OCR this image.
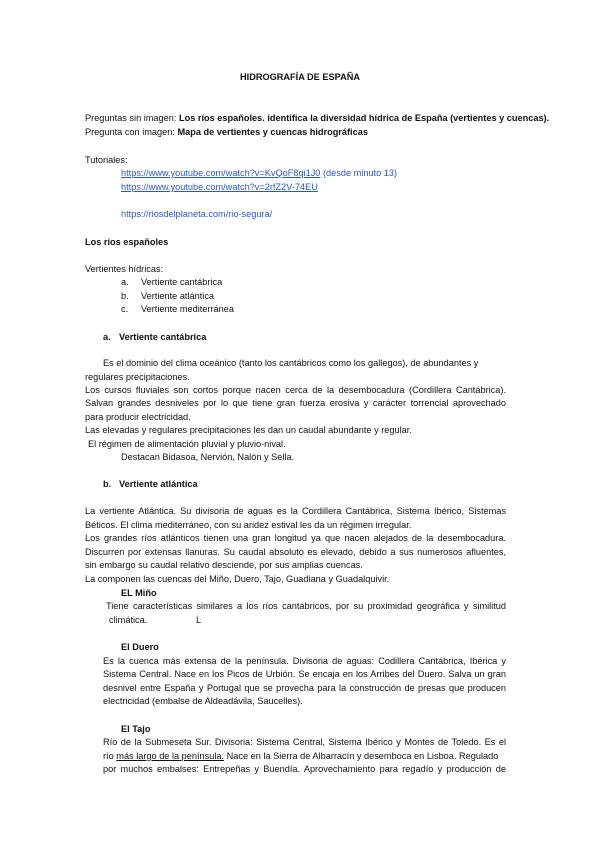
HIDROGRAFÍA DE ESPAÑA
Preguntas sin imagen: Los ríos españoles. identifica la diversidad hídrica de España (vertientes y cuencas).
Pregunta con imagen: Mapa de vertientes y cuencas hidrográficas
Tutoriales:
https://www.youtube.com/watch?v=KvQoF8qi1J0 (desde minuto 13)
https://www.youtube.com/watch?v=2rfZ2V-74EU
https://riosdelplaneta.com/rio-segura/
Los ríos españoles
Vertientes hídricas:
a. Vertiente cantábrica
b. Vertiente atlántica
c. Vertiente mediterránea
a. Vertiente cantábrica
Es el dominio del clima oceánico (tanto los cantábricos como los gallegos), de abundantes y
regulares precipitaciones.
Los cursos fluviales son cortos porque nacen cerca de la desembocadura (Cordillera Cantábrica).
Salvan grandes desniveles por lo que tiene gran fuerza erosiva y carácter torrencial aprovechado
para producir electricidad.
Las elevadas y regulares precipitaciones les dan un caudal abundante y regular.
El régimen de alimentación pluvial y pluvio-nival.
Destacan Bidasoa, Nervión, Nalón y Sella.
b. Vertiente atlántica
La vertiente Atlántica. Su divisoria de aguas es la Cordillera Cantábrica, Sistema Ibérico, Sistemas
Béticos. El clima mediterráneo, con su aridez estival les da un régimen irregular.
Los grandes ríos atlánticos tienen una gran longitud ya que nacen alejados de la desembocadura.
Discurren por extensas llanuras. Su caudal absoluto es elevado, debido a sus numerosos afluentes,
sin embargo su caudal relativo desciende, por sus amplias cuencas.
La componen las cuencas del Miño, Duero, Tajo, Guadiana y Guadalquivir.
EL Miño
Tiene características similares a los ríos cantábricos, por su proximidad geográfica y similitud
climática.	L
El Duero
Es la cuenca más extensa de la península. Divisoria de aguas: Codillera Cantábrica, Ibérica y
Sistema Central. Nace en los Picos de Urbión. Se encaja en los Arribes del Duero. Salva un gran
desnivel entre España y Portugal que se provecha para la construcción de presas que producen
electricidad (embalse de Aldeadávila, Saucelles).
El Tajo
Río de la Submeseta Sur. Divisoria: Sistema Central, Sistema Ibérico y Montes de Toledo. Es el
río más largo de la península. Nace en la Sierra de Albarracín y desemboca en Lisboa. Regulado
por muchos embalses: Entrepeñas y Buendía. Aprovechamiento para regadío y producción de
